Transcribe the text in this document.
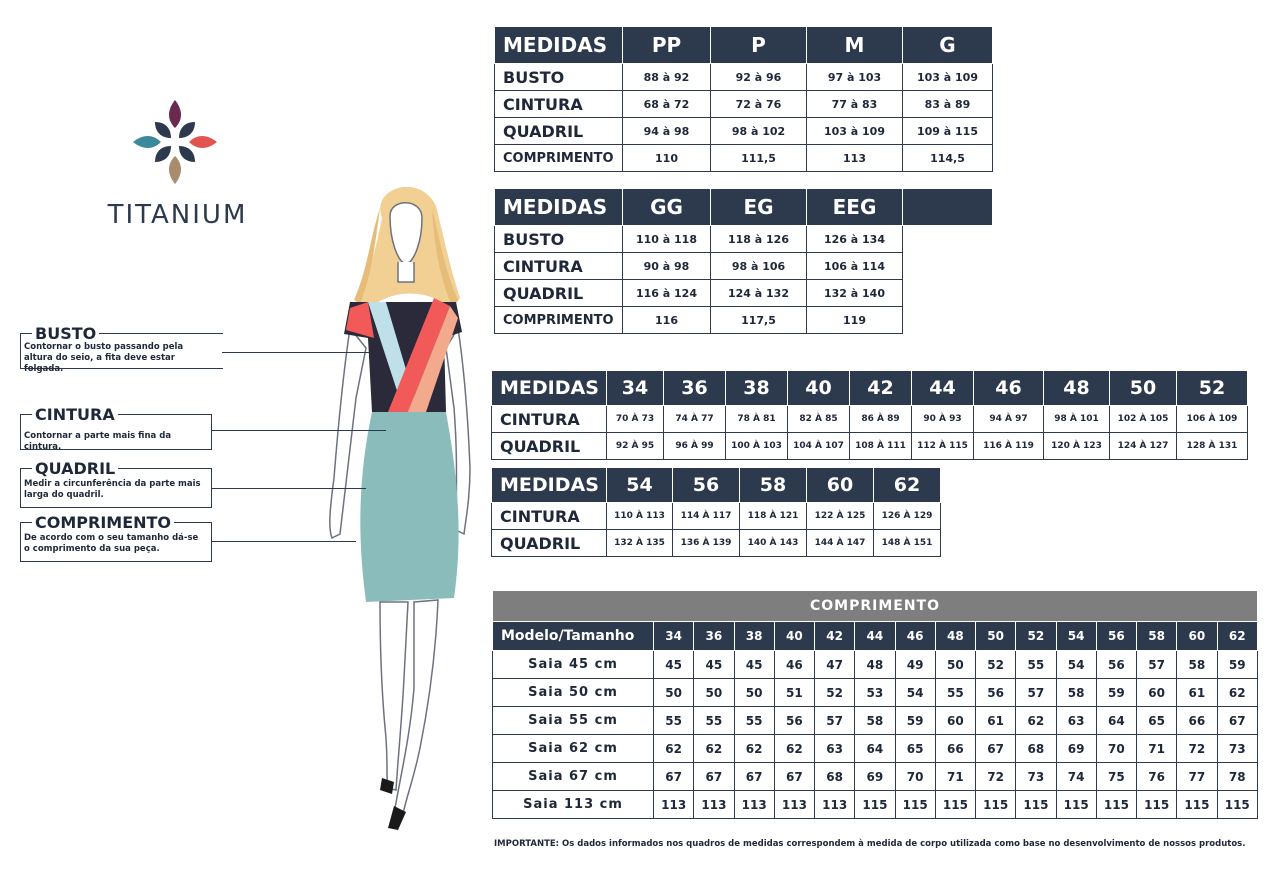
TITANIUM
BUSTO
Contornar o busto passando pela altura do seio, a fita deve estar folgada.
CINTURA
Contornar a parte mais fina da cintura.
QUADRIL
Medir a circunferência da parte mais larga do quadril.
COMPRIMENTO
De acordo com o seu tamanho dá-se o comprimento da sua peça.
MEDIDAS	PP	P	M	G
BUSTO	88 à 92	92 à 96	97 à 103	103 à 109
CINTURA	68 à 72	72 à 76	77 à 83	83 à 89
QUADRIL	94 à 98	98 à 102	103 à 109	109 à 115
COMPRIMENTO	110	111,5	113	114,5
MEDIDAS	GG	EG	EEG	
BUSTO	110 à 118	118 à 126	126 à 134	
CINTURA	90 à 98	98 à 106	106 à 114	
QUADRIL	116 à 124	124 à 132	132 à 140	
COMPRIMENTO	116	117,5	119	
MEDIDAS	34	36	38	40	42	44	46	48	50	52
CINTURA	70 À 73	74 À 77	78 À 81	82 À 85	86 À 89	90 À 93	94 À 97	98 À 101	102 À 105	106 À 109
QUADRIL	92 À 95	96 À 99	100 À 103	104 À 107	108 À 111	112 À 115	116 À 119	120 À 123	124 À 127	128 À 131
MEDIDAS	54	56	58	60	62
CINTURA	110 À 113	114 À 117	118 À 121	122 À 125	126 À 129
QUADRIL	132 À 135	136 À 139	140 À 143	144 À 147	148 À 151
COMPRIMENTO															
Modelo/Tamanho	34	36	38	40	42	44	46	48	50	52	54	56	58	60	62
Saia 45 cm	45	45	45	46	47	48	49	50	52	55	54	56	57	58	59
Saia 50 cm	50	50	50	51	52	53	54	55	56	57	58	59	60	61	62
Saia 55 cm	55	55	55	56	57	58	59	60	61	62	63	64	65	66	67
Saia 62 cm	62	62	62	62	63	64	65	66	67	68	69	70	71	72	73
Saia 67 cm	67	67	67	67	68	69	70	71	72	73	74	75	76	77	78
Saia 113 cm	113	113	113	113	113	115	115	115	115	115	115	115	115	115	115
IMPORTANTE: Os dados informados nos quadros de medidas correspondem à medida de corpo utilizada como base no desenvolvimento de nossos produtos.
